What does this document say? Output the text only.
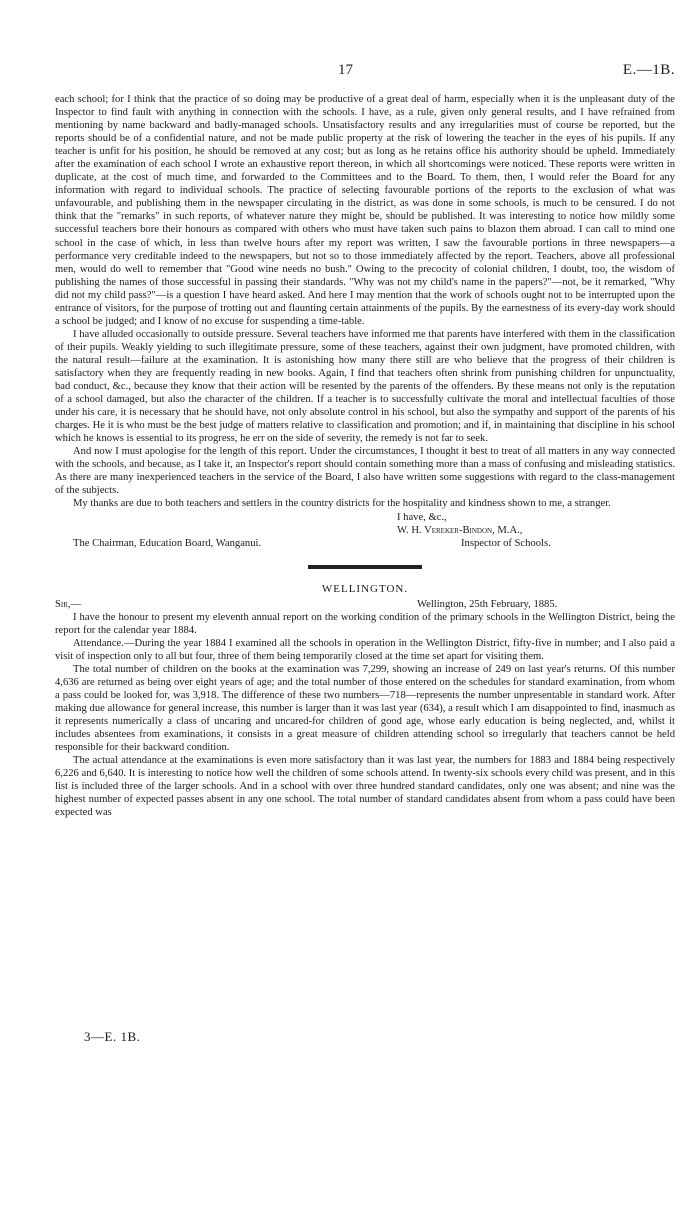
17	E.—1B.

each school; for I think that the practice of so doing may be productive of a great deal of harm, especially when it is the unpleasant duty of the Inspector to find fault with anything in connection with the schools. I have, as a rule, given only general results, and I have refrained from mentioning by name backward and badly-managed schools. Unsatisfactory results and any irregularities must of course be reported, but the reports should be of a confidential nature, and not be made public property at the risk of lowering the teacher in the eyes of his pupils. If any teacher is unfit for his position, he should be removed at any cost; but as long as he retains office his authority should be upheld. Immediately after the examination of each school I wrote an exhaustive report thereon, in which all shortcomings were noticed. These reports were written in duplicate, at the cost of much time, and forwarded to the Committees and to the Board. To them, then, I would refer the Board for any information with regard to individual schools. The practice of selecting favourable portions of the reports to the exclusion of what was unfavourable, and publishing them in the newspaper circulating in the district, as was done in some schools, is much to be censured. I do not think that the "remarks" in such reports, of whatever nature they might be, should be published. It was interesting to notice how mildly some successful teachers bore their honours as compared with others who must have taken such pains to blazon them abroad. I can call to mind one school in the case of which, in less than twelve hours after my report was written, I saw the favourable portions in three newspapers—a performance very creditable indeed to the newspapers, but not so to those immediately affected by the report. Teachers, above all professional men, would do well to remember that "Good wine needs no bush." Owing to the precocity of colonial children, I doubt, too, the wisdom of publishing the names of those successful in passing their standards. "Why was not my child's name in the papers?"—not, be it remarked, "Why did not my child pass?"—is a question I have heard asked. And here I may mention that the work of schools ought not to be interrupted upon the entrance of visitors, for the purpose of trotting out and flaunting certain attainments of the pupils. By the earnestness of its every-day work should a school be judged; and I know of no excuse for suspending a time-table.

I have alluded occasionally to outside pressure. Several teachers have informed me that parents have interfered with them in the classification of their pupils. Weakly yielding to such illegitimate pressure, some of these teachers, against their own judgment, have promoted children, with the natural result—failure at the examination. It is astonishing how many there still are who believe that the progress of their children is satisfactory when they are frequently reading in new books. Again, I find that teachers often shrink from punishing children for unpunctuality, bad conduct, &c., because they know that their action will be resented by the parents of the offenders. By these means not only is the reputation of a school damaged, but also the character of the children. If a teacher is to successfully cultivate the moral and intellectual faculties of those under his care, it is necessary that he should have, not only absolute control in his school, but also the sympathy and support of the parents of his charges. He it is who must be the best judge of matters relative to classification and promotion; and if, in maintaining that discipline in his school which he knows is essential to its progress, he err on the side of severity, the remedy is not far to seek.

And now I must apologise for the length of this report. Under the circumstances, I thought it best to treat of all matters in any way connected with the schools, and because, as I take it, an Inspector's report should contain something more than a mass of confusing and misleading statistics. As there are many inexperienced teachers in the service of the Board, I also have written some suggestions with regard to the class-management of the subjects.

My thanks are due to both teachers and settlers in the country districts for the hospitality and kindness shown to me, a stranger.

I have, &c.,
W. H. Vereker-Bindon, M.A.,
The Chairman, Education Board, Wanganui.	Inspector of Schools.
WELLINGTON.
Sir,—	Wellington, 25th February, 1885.

I have the honour to present my eleventh annual report on the working condition of the primary schools in the Wellington District, being the report for the calendar year 1884.

Attendance.—During the year 1884 I examined all the schools in operation in the Wellington District, fifty-five in number; and I also paid a visit of inspection only to all but four, three of them being temporarily closed at the time set apart for visiting them.

The total number of children on the books at the examination was 7,299, showing an increase of 249 on last year's returns. Of this number 4,636 are returned as being over eight years of age; and the total number of those entered on the schedules for standard examination, from whom a pass could be looked for, was 3,918. The difference of these two numbers—718—represents the number unpresentable in standard work. After making due allowance for general increase, this number is larger than it was last year (634), a result which I am disappointed to find, inasmuch as it represents numerically a class of uncaring and uncared-for children of good age, whose early education is being neglected, and, whilst it includes absentees from examinations, it consists in a great measure of children attending school so irregularly that teachers cannot be held responsible for their backward condition.

The actual attendance at the examinations is even more satisfactory than it was last year, the numbers for 1883 and 1884 being respectively 6,226 and 6,640. It is interesting to notice how well the children of some schools attend. In twenty-six schools every child was present, and in this list is included three of the larger schools. And in a school with over three hundred standard candidates, only one was absent; and nine was the highest number of expected passes absent in any one school. The total number of standard candidates absent from whom a pass could have been expected was

3—E. 1B.
